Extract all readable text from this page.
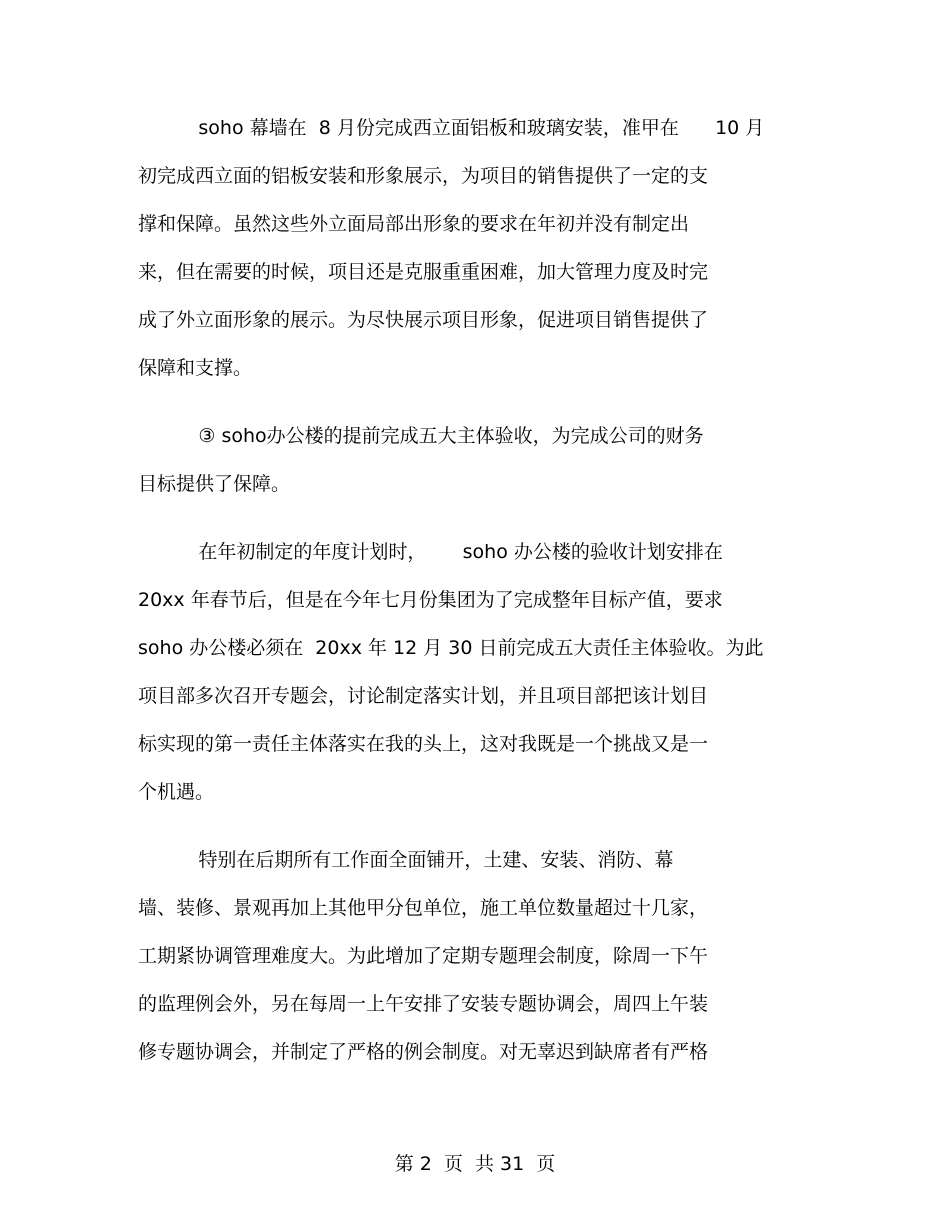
soho 幕墙在  8 月份完成西立面铝板和玻璃安装，准甲在      10 月
初完成西立面的铝板安装和形象展示，为项目的销售提供了一定的支
撑和保障。虽然这些外立面局部出形象的要求在年初并没有制定出
来，但在需要的时候，项目还是克服重重困难，加大管理力度及时完
成了外立面形象的展示。为尽快展示项目形象，促进项目销售提供了
保障和支撑。
③ soho办公楼的提前完成五大主体验收，为完成公司的财务
目标提供了保障。
在年初制定的年度计划时，      soho 办公楼的验收计划安排在
20xx 年春节后，但是在今年七月份集团为了完成整年目标产值，要求
soho 办公楼必须在  20xx 年 12 月 30 日前完成五大责任主体验收。为此
项目部多次召开专题会，讨论制定落实计划，并且项目部把该计划目
标实现的第一责任主体落实在我的头上，这对我既是一个挑战又是一
个机遇。
特别在后期所有工作面全面铺开，土建、安装、消防、幕
墙、装修、景观再加上其他甲分包单位，施工单位数量超过十几家，
工期紧协调管理难度大。为此增加了定期专题理会制度，除周一下午
的监理例会外，另在每周一上午安排了安装专题协调会，周四上午装
修专题协调会，并制定了严格的例会制度。对无辜迟到缺席者有严格
第 2  页  共 31  页
